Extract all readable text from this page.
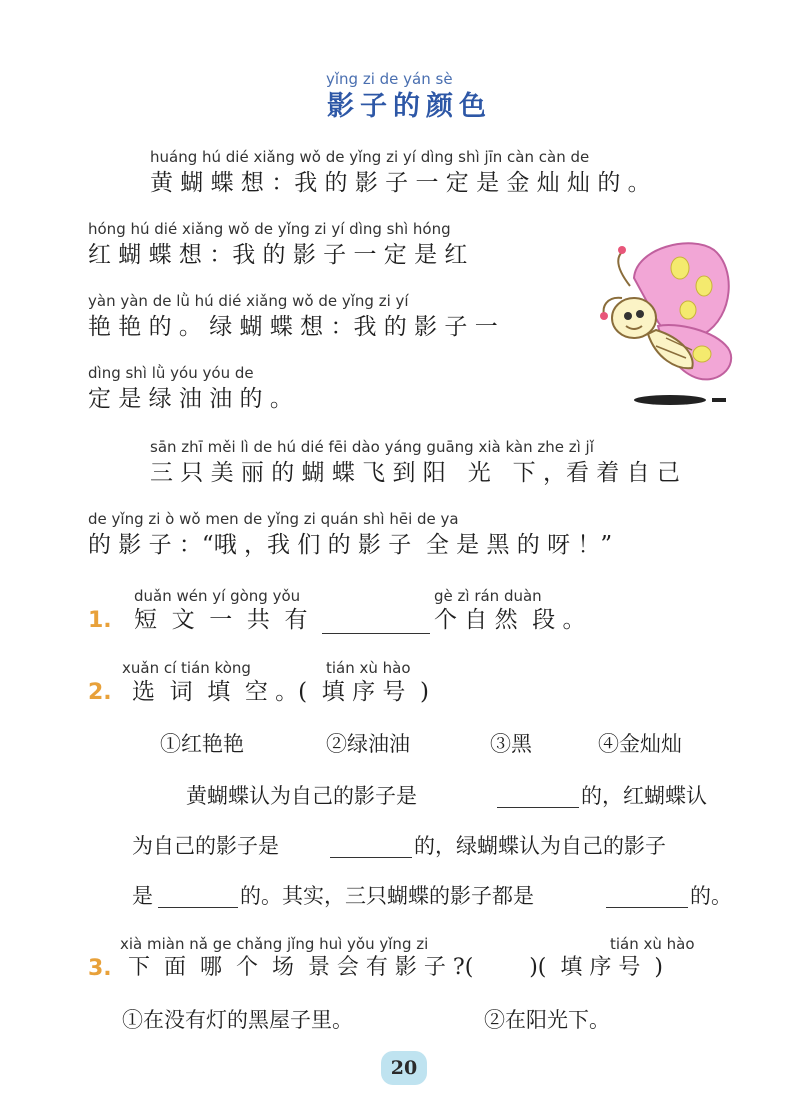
yǐng zi de yán sè
影子的颜色
huáng hú dié xiǎng wǒ de yǐng zi yí dìng shì jīn càn càn de
黄 蝴 蝶 想 ：我 的 影 子 一 定 是 金 灿 灿 的 。
hóng hú dié xiǎng wǒ de yǐng zi yí dìng shì hóng
红 蝴 蝶 想 ：我 的 影 子 一 定 是 红
yàn yàn de lǜ hú dié xiǎng wǒ de yǐng zi yí
艳 艳 的 。 绿 蝴 蝶 想 ：我 的 影 子 一
dìng shì lǜ yóu yóu de
定 是 绿 油 油 的 。
sān zhī měi lì de hú dié fēi dào yáng guāng xià kàn zhe zì jǐ
三 只 美 丽 的 蝴 蝶 飞 到 阳   光   下 ，看 着 自 己
de yǐng zi ò wǒ men de yǐng zi quán shì hēi de ya
的 影 子 ：“哦 ，我 们 的 影 子  全 是 黑 的 呀 ！”
duǎn wén yí gòng yǒu	gè zì rán duàn
1. 短  文  一  共  有	个 自 然  段 。
xuǎn cí tián kòng	tián xù hào
2. 选  词  填  空 。(  填 序 号  )
①红艳艳	②绿油油	③黑	④金灿灿
黄蝴蝶认为自己的影子是	的，红蝴蝶认
为自己的影子是	的，绿蝴蝶认为自己的影子
是	的。其实，三只蝴蝶的影子都是	的。
xià miàn nǎ ge chǎng jǐng huì yǒu yǐng zi	tián xù hào
3. 下  面  哪  个  场  景 会 有 影 子 ?(        )(  填 序 号  )
①在没有灯的黑屋子里。	②在阳光下。
20
